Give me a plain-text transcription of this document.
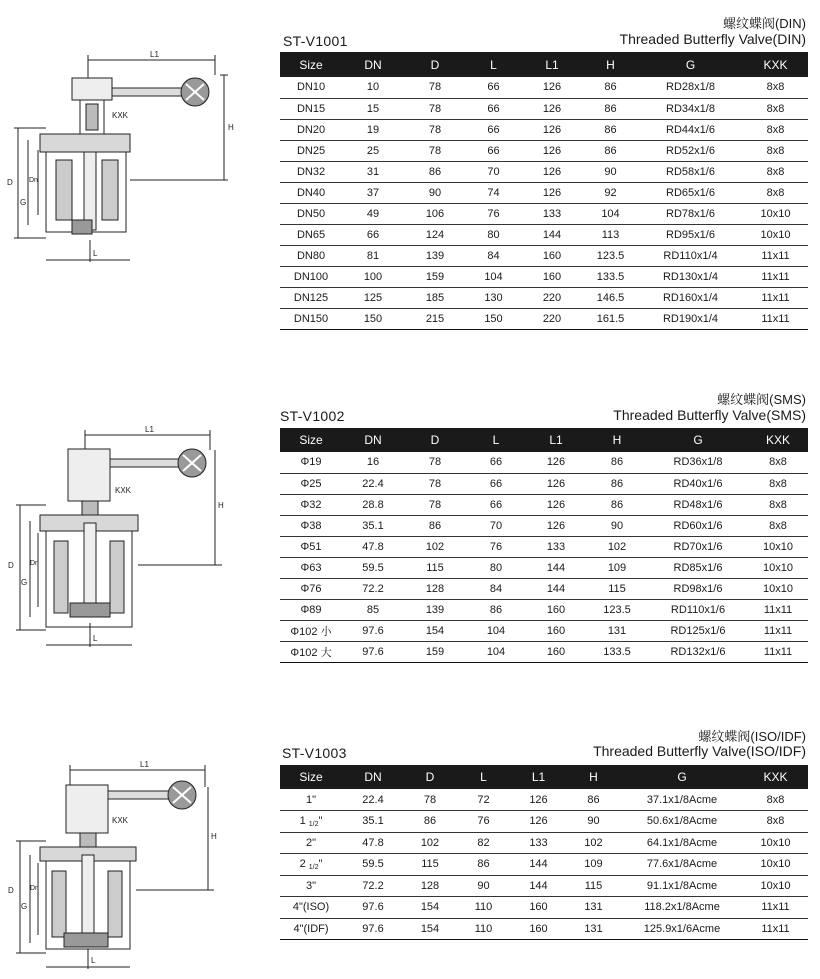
L1
KXK
H
D
G
Dn
L
螺纹蝶阀(DIN)
Threaded Butterfly Valve(DIN)
ST-V1001
Size	DN	D	L	L1	H	G	KXK
DN10	10	78	66	126	86	RD28x1/8	8x8
DN15	15	78	66	126	86	RD34x1/8	8x8
DN20	19	78	66	126	86	RD44x1/6	8x8
DN25	25	78	66	126	86	RD52x1/6	8x8
DN32	31	86	70	126	90	RD58x1/6	8x8
DN40	37	90	74	126	92	RD65x1/6	8x8
DN50	49	106	76	133	104	RD78x1/6	10x10
DN65	66	124	80	144	113	RD95x1/6	10x10
DN80	81	139	84	160	123.5	RD110x1/4	11x11
DN100	100	159	104	160	133.5	RD130x1/4	11x11
DN125	125	185	130	220	146.5	RD160x1/4	11x11
DN150	150	215	150	220	161.5	RD190x1/4	11x11
L1
KXK
H
D
G
Dn
L
螺纹蝶阀(SMS)
Threaded Butterfly Valve(SMS)
ST-V1002
Size	DN	D	L	L1	H	G	KXK
Φ19	16	78	66	126	86	RD36x1/8	8x8
Φ25	22.4	78	66	126	86	RD40x1/6	8x8
Φ32	28.8	78	66	126	86	RD48x1/6	8x8
Φ38	35.1	86	70	126	90	RD60x1/6	8x8
Φ51	47.8	102	76	133	102	RD70x1/6	10x10
Φ63	59.5	115	80	144	109	RD85x1/6	10x10
Φ76	72.2	128	84	144	115	RD98x1/6	10x10
Φ89	85	139	86	160	123.5	RD110x1/6	11x11
Φ102 小	97.6	154	104	160	131	RD125x1/6	11x11
Φ102 大	97.6	159	104	160	133.5	RD132x1/6	11x11
L1
KXK
H
D
G
Dn
L
螺纹蝶阀(ISO/IDF)
Threaded Butterfly Valve(ISO/IDF)
ST-V1003
Size	DN	D	L	L1	H	G	KXK
1"	22.4	78	72	126	86	37.1x1/8Acme	8x8
1 1/2"	35.1	86	76	126	90	50.6x1/8Acme	8x8
2"	47.8	102	82	133	102	64.1x1/8Acme	10x10
2 1/2"	59.5	115	86	144	109	77.6x1/8Acme	10x10
3"	72.2	128	90	144	115	91.1x1/8Acme	10x10
4"(ISO)	97.6	154	110	160	131	118.2x1/8Acme	11x11
4"(IDF)	97.6	154	110	160	131	125.9x1/6Acme	11x11
